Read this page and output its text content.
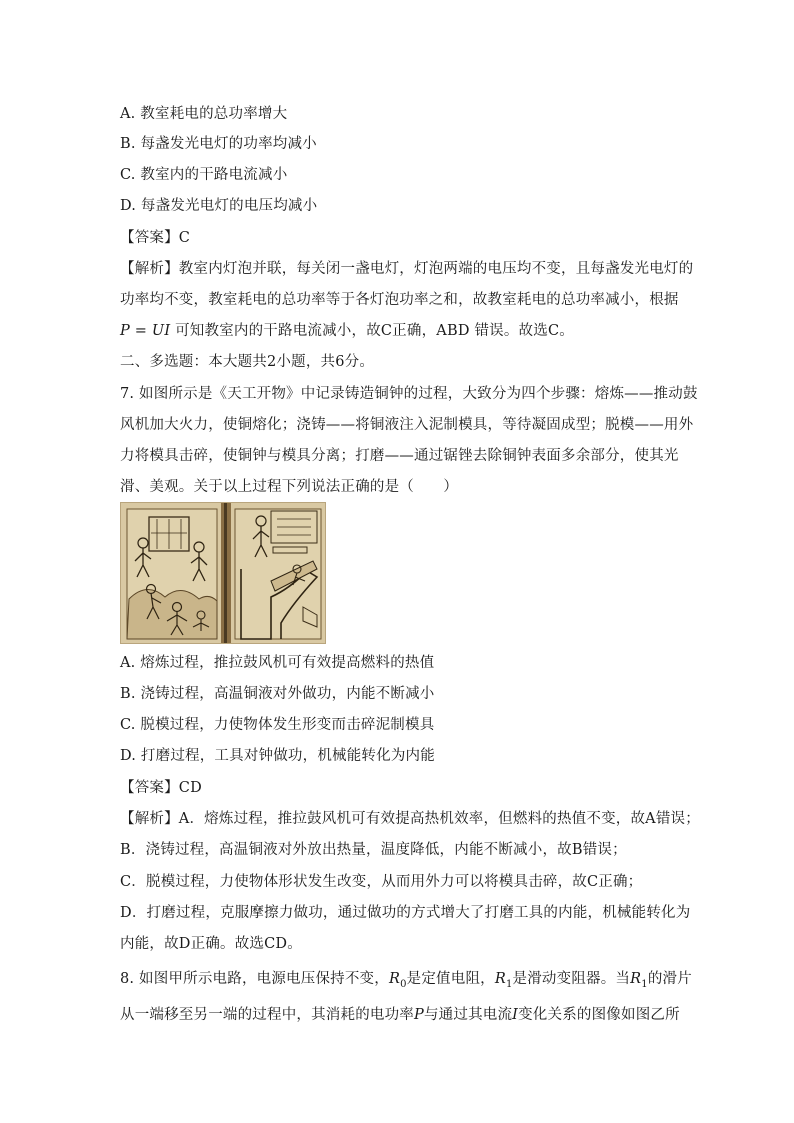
A. 教室耗电的总功率增大
B. 每盏发光电灯的功率均减小
C. 教室内的干路电流减小
D. 每盏发光电灯的电压均减小
【答案】C
【解析】教室内灯泡并联，每关闭一盏电灯，灯泡两端的电压均不变，且每盏发光电灯的
功率均不变，教室耗电的总功率等于各灯泡功率之和，故教室耗电的总功率减小，根据
P = UI 可知教室内的干路电流减小，故C正确，ABD 错误。故选C。
二、多选题：本大题共2小题，共6分。
7. 如图所示是《天工开物》中记录铸造铜钟的过程，大致分为四个步骤：熔炼——推动鼓
风机加大火力，使铜熔化；浇铸——将铜液注入泥制模具，等待凝固成型；脱模——用外
力将模具击碎，使铜钟与模具分离；打磨——通过锯锉去除铜钟表面多余部分，使其光
滑、美观。关于以上过程下列说法正确的是（　　）
A. 熔炼过程，推拉鼓风机可有效提高燃料的热值
B. 浇铸过程，高温铜液对外做功，内能不断减小
C. 脱模过程，力使物体发生形变而击碎泥制模具
D. 打磨过程，工具对钟做功，机械能转化为内能
【答案】CD
【解析】A．熔炼过程，推拉鼓风机可有效提高热机效率，但燃料的热值不变，故A错误；
B．浇铸过程，高温铜液对外放出热量，温度降低，内能不断减小，故B错误；
C．脱模过程，力使物体形状发生改变，从而用外力可以将模具击碎，故C正确；
D．打磨过程，克服摩擦力做功，通过做功的方式增大了打磨工具的内能，机械能转化为
内能，故D正确。故选CD。
8. 如图甲所示电路，电源电压保持不变，$R_0$是定值电阻，$R_1$是滑动变阻器。当$R_1$的滑片
从一端移至另一端的过程中，其消耗的电功率P与通过其电流I变化关系的图像如图乙所
